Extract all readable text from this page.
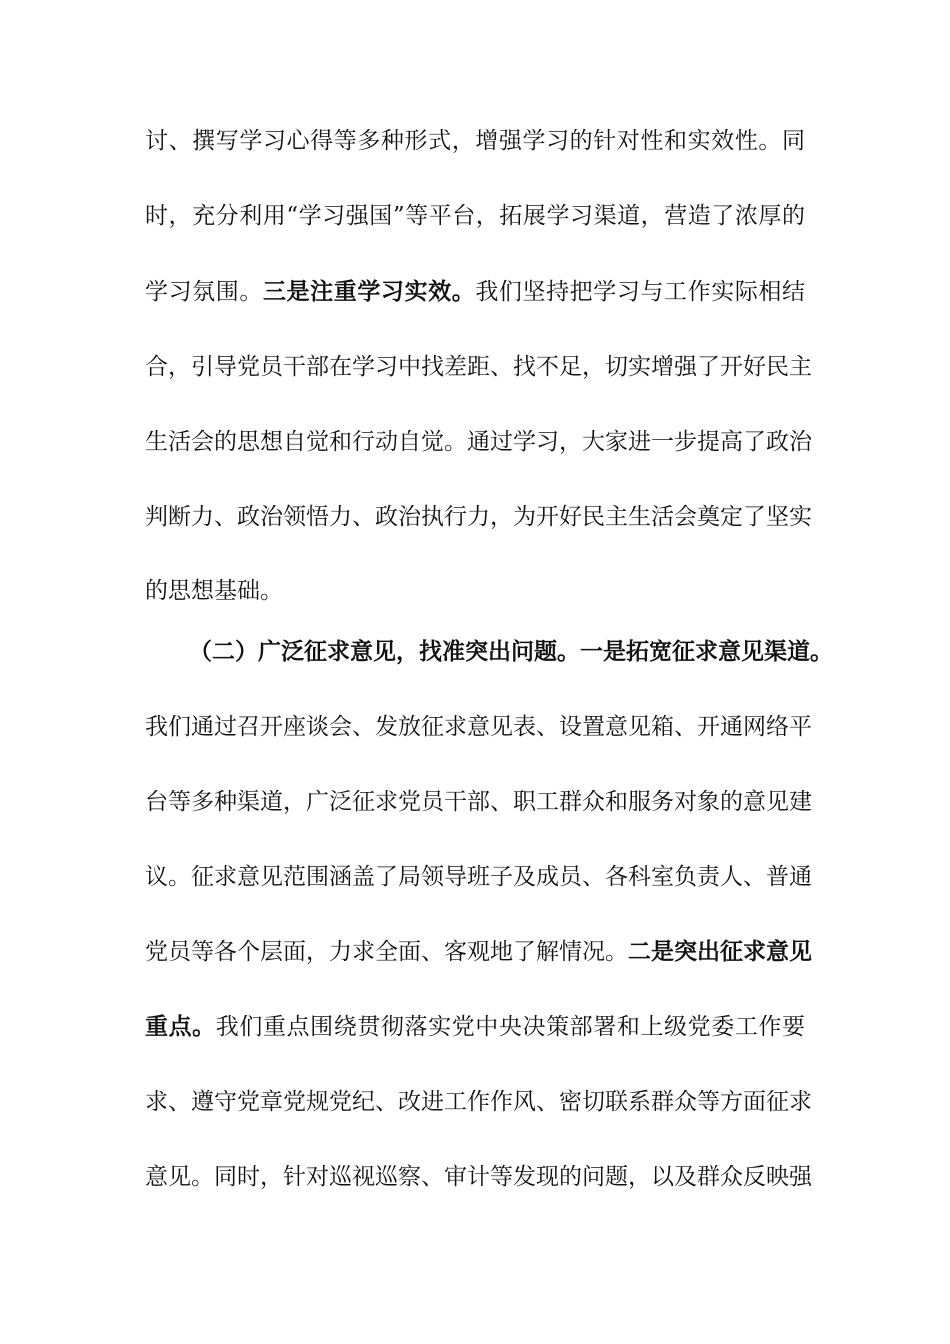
讨、撰写学习心得等多种形式，增强学习的针对性和实效性。同
时，充分利用“学习强国”等平台，拓展学习渠道，营造了浓厚的
学习氛围。三是注重学习实效。我们坚持把学习与工作实际相结
合，引导党员干部在学习中找差距、找不足，切实增强了开好民主
生活会的思想自觉和行动自觉。通过学习，大家进一步提高了政治
判断力、政治领悟力、政治执行力，为开好民主生活会奠定了坚实
的思想基础。
（二）广泛征求意见，找准突出问题。一是拓宽征求意见渠道。
我们通过召开座谈会、发放征求意见表、设置意见箱、开通网络平
台等多种渠道，广泛征求党员干部、职工群众和服务对象的意见建
议。征求意见范围涵盖了局领导班子及成员、各科室负责人、普通
党员等各个层面，力求全面、客观地了解情况。二是突出征求意见
重点。我们重点围绕贯彻落实党中央决策部署和上级党委工作要
求、遵守党章党规党纪、改进工作作风、密切联系群众等方面征求
意见。同时，针对巡视巡察、审计等发现的问题，以及群众反映强
